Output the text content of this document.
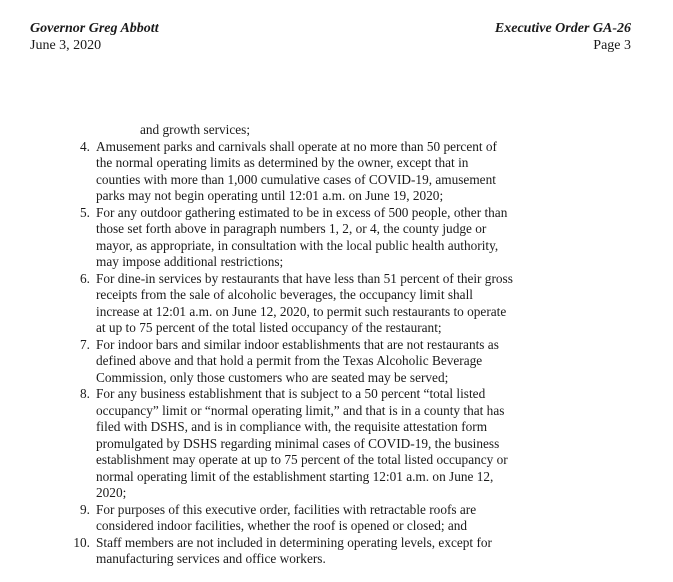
Governor Greg Abbott
June 3, 2020
Executive Order GA-26
Page 3
and growth services;
4. Amusement parks and carnivals shall operate at no more than 50 percent of
the normal operating limits as determined by the owner, except that in
counties with more than 1,000 cumulative cases of COVID-19, amusement
parks may not begin operating until 12:01 a.m. on June 19, 2020;
5. For any outdoor gathering estimated to be in excess of 500 people, other than
those set forth above in paragraph numbers 1, 2, or 4, the county judge or
mayor, as appropriate, in consultation with the local public health authority,
may impose additional restrictions;
6. For dine-in services by restaurants that have less than 51 percent of their gross
receipts from the sale of alcoholic beverages, the occupancy limit shall
increase at 12:01 a.m. on June 12, 2020, to permit such restaurants to operate
at up to 75 percent of the total listed occupancy of the restaurant;
7. For indoor bars and similar indoor establishments that are not restaurants as
defined above and that hold a permit from the Texas Alcoholic Beverage
Commission, only those customers who are seated may be served;
8. For any business establishment that is subject to a 50 percent “total listed
occupancy” limit or “normal operating limit,” and that is in a county that has
filed with DSHS, and is in compliance with, the requisite attestation form
promulgated by DSHS regarding minimal cases of COVID-19, the business
establishment may operate at up to 75 percent of the total listed occupancy or
normal operating limit of the establishment starting 12:01 a.m. on June 12,
2020;
9. For purposes of this executive order, facilities with retractable roofs are
considered indoor facilities, whether the roof is opened or closed; and
10. Staff members are not included in determining operating levels, except for
manufacturing services and office workers.
